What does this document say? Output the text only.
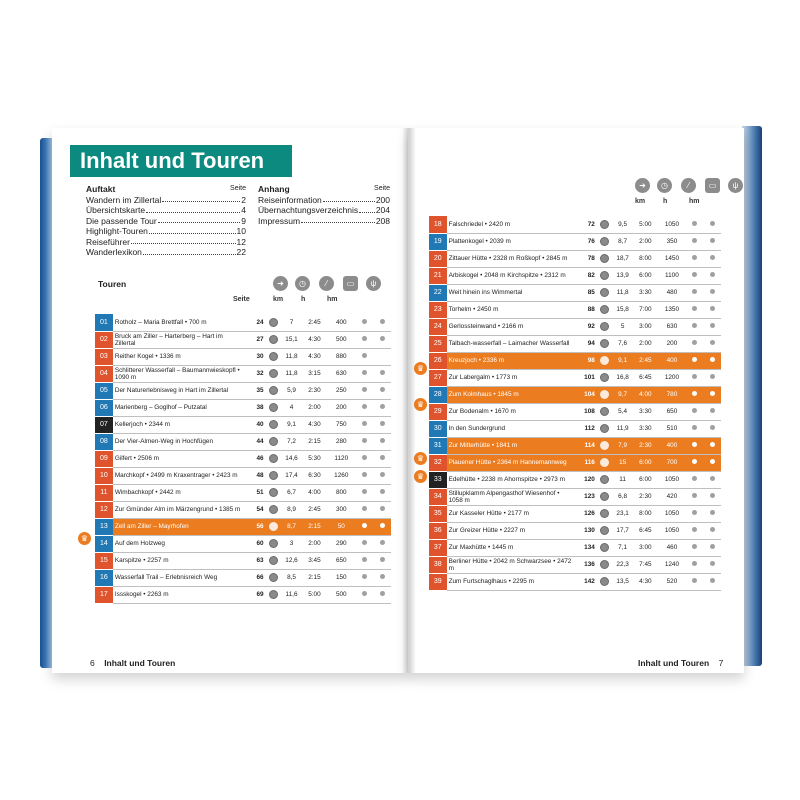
Inhalt und Touren
Auftakt	Seite
Wandern im Zillertal	2
Übersichtskarte	4
Die passende Tour	9
Highlight-Touren	10
Reiseführer	12
Wanderlexikon	22
Anhang	Seite
Reiseinformation	200
Übernachtungsverzeichnis 204
Impressum	208
Touren	➜	◷	⁄	▭	ψ
Seite	km	h	hm
01	Rotholz – Maria Brettfall • 700 m	24		7	2:45	400		
02	Bruck am Ziller – Harterberg – Hart im Zillertal	27		15,1	4:30	500		
03	Reither Kogel • 1336 m	30		11,8	4:30	880		
04	Schlitterer Wasserfall – Baumannwieskopfl • 1090 m	32		11,8	3:15	630		
05	Der Naturerlebnisweg in Hart im Zillertal	35		5,9	2:30	250		
06	Marienberg – Goglhof – Putzatal	38		4	2:00	200		
07	Kellerjoch • 2344 m	40		9,1	4:30	750		
08	Der Vier-Almen-Weg in Hochfügen	44		7,2	2:15	280		
09	Gilfert • 2506 m	46		14,6	5:30	1120		
10	Marchkopf • 2499 m Kraxentrager • 2423 m	48		17,4	6:30	1260		
11	Wimbachkopf • 2442 m	51		6,7	4:00	800		
12	Zur Gmünder Alm im Märzengrund • 1385 m	54		8,9	2:45	300		
13	Zell am Ziller – Mayrhofen	56		8,7	2:15	50		
14	Auf dem Holzweg	60		3	2:00	290		
15	Karspitze • 2257 m	63		12,6	3:45	650		
16	Wasserfall Trail – Erlebnisreich Weg	66		8,5	2:15	150		
17	Issskogel • 2263 m	69		11,6	5:00	500		
6 Inhalt und Touren
♛
➜	◷	⁄	▭	ψ
km	h	hm
18	Falschriedel • 2420 m	72		9,5	5:00	1050		
19	Plattenkogel • 2039 m	76		8,7	2:00	350		
20	Zittauer Hütte • 2328 m Roßkopf • 2845 m	78		18,7	8:00	1450		
21	Arbiskogel • 2048 m Kirchspitze • 2312 m	82		13,9	6:00	1100		
22	Weit hinein ins Wimmertal	85		11,8	3:30	480		
23	Torhelm • 2450 m	88		15,8	7:00	1350		
24	Gerlossteinwand • 2166 m	92		5	3:00	630		
25	Talbach-wasserfall – Laimacher Wasserfall	94		7,6	2:00	200		
26	Kreuzjoch • 2336 m	98		9,1	2:45	400		
27	Zur Labergalm • 1773 m	101		16,8	6:45	1200		
28	Zum Kolmhaus • 1845 m	104		9,7	4:00	780		
29	Zur Bodenalm • 1670 m	108		5,4	3:30	650		
30	In den Sundergrund	112		11,9	3:30	510		
31	Zur Mitterhütte • 1841 m	114		7,9	2:30	400		
32	Plauener Hütte • 2364 m Hannemannweg	116		15	6:00	700		
33	Edelhütte • 2238 m Ahornspitze • 2973 m	120		11	6:00	1050		
34	Stillupklamm Alpengasthof Wiesenhof • 1058 m	123		6,8	2:30	420		
35	Zur Kasseler Hütte • 2177 m	126		23,1	8:00	1050		
36	Zur Greizer Hütte • 2227 m	130		17,7	6:45	1050		
37	Zur Maxhütte • 1445 m	134		7,1	3:00	460		
38	Berliner Hütte • 2042 m Schwarzsee • 2472 m	136		22,3	7:45	1240		
39	Zum Furtschaglhaus • 2295 m	142		13,5	4:30	520		
Inhalt und Touren 7
♛
♛
♛
♛
